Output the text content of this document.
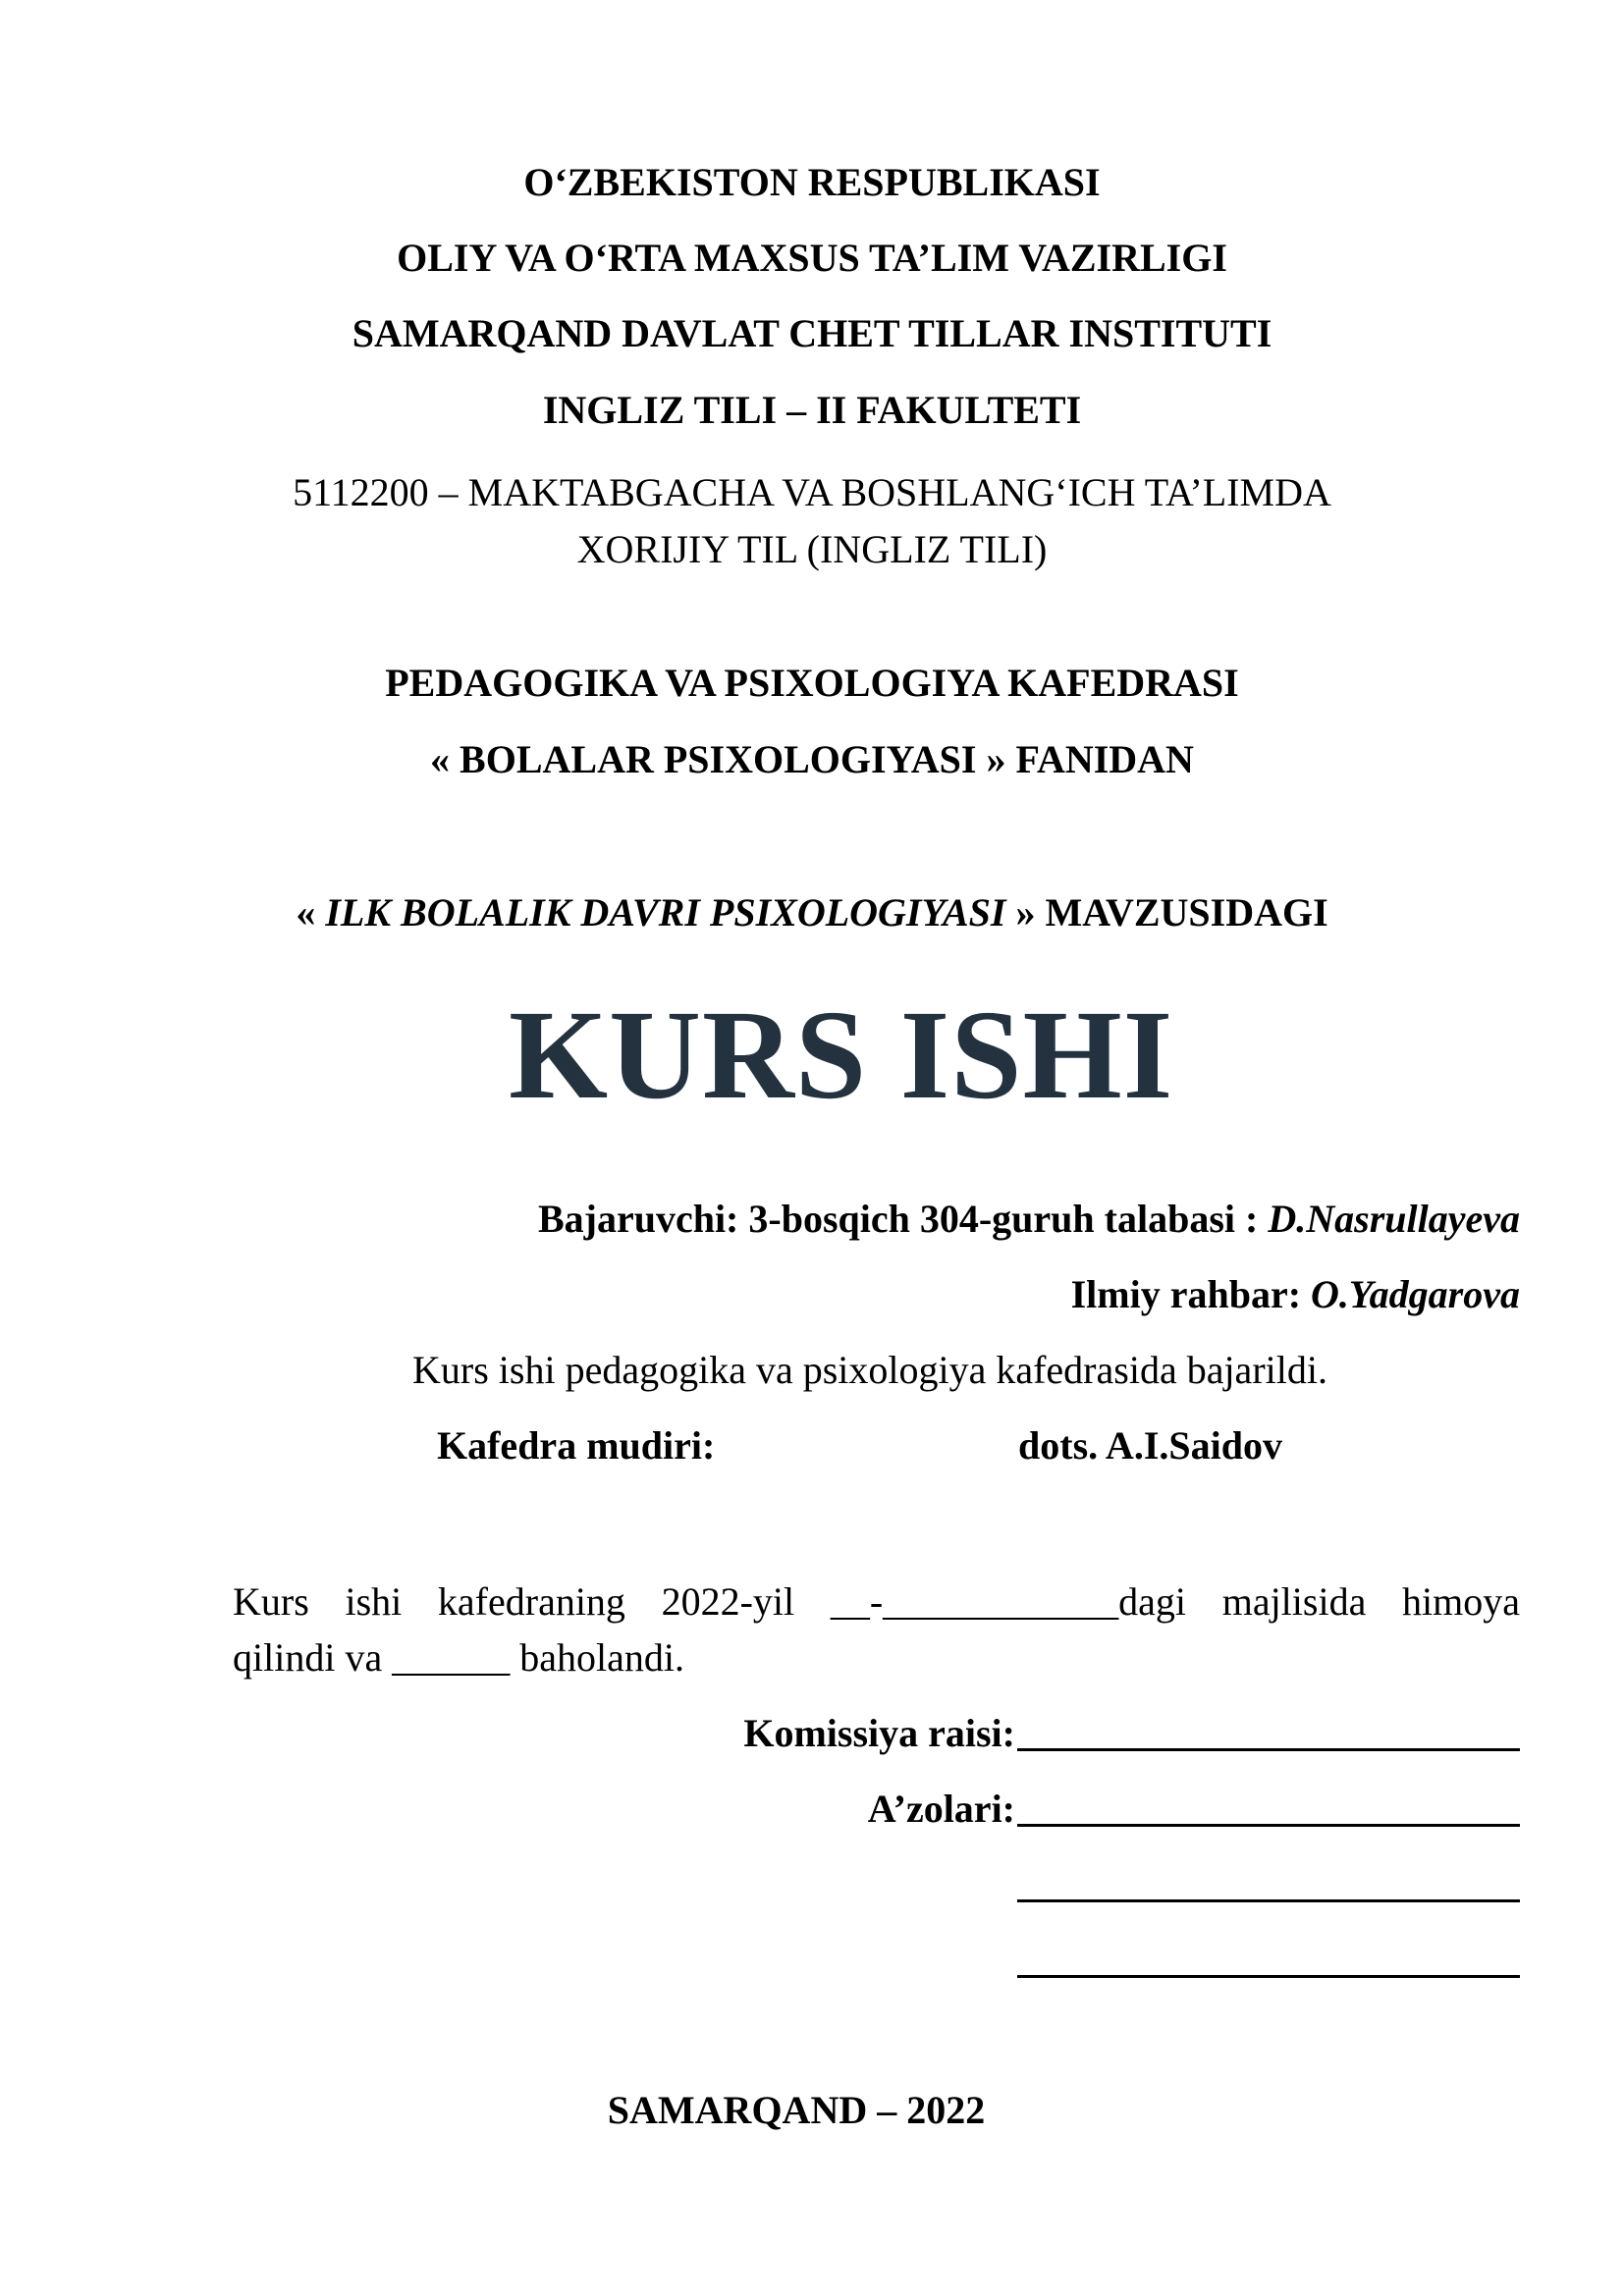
O‘ZBEKISTON RESPUBLIKASI
OLIY VA O‘RTA MAXSUS TA’LIM VAZIRLIGI
SAMARQAND DAVLAT CHET TILLAR INSTITUTI
INGLIZ TILI – II FAKULTETI
5112200 – MAKTABGACHA VA BOSHLANG‘ICH TA’LIMDA
XORIJIY TIL (INGLIZ TILI)
PEDAGOGIKA VA PSIXOLOGIYA KAFEDRASI
« BOLALAR PSIXOLOGIYASI » FANIDAN
« ILK BOLALIK DAVRI PSIXOLOGIYASI » MAVZUSIDAGI
KURS ISHI
Bajaruvchi: 3-bosqich 304-guruh talabasi : D.Nasrullayeva
Ilmiy rahbar: O.Yadgarova
Kurs ishi pedagogika va psixologiya kafedrasida bajarildi.
Kafedra mudiri:	dots. A.I.Saidov
Kurs ishi kafedraning 2022-yil __-____________dagi majlisida himoya
qilindi va ______ baholandi.
Komissiya raisi:
A’zolari:
SAMARQAND – 2022
